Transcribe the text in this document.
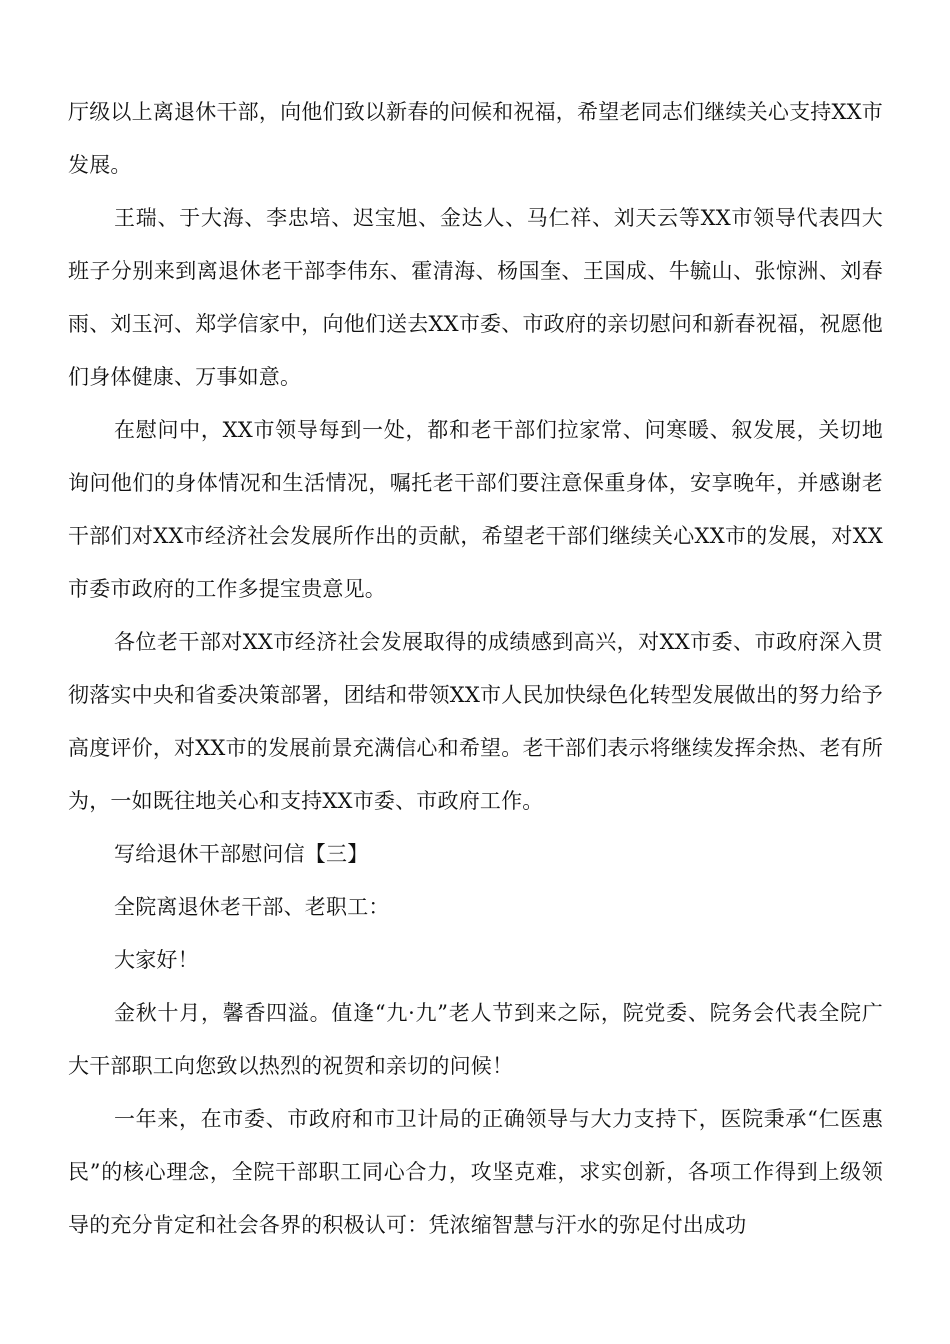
厅级以上离退休干部，向他们致以新春的问候和祝福，希望老同志们继续关心支持XX市发展。

王瑞、于大海、李忠培、迟宝旭、金达人、马仁祥、刘天云等XX市领导代表四大班子分别来到离退休老干部李伟东、霍清海、杨国奎、王国成、牛毓山、张惊洲、刘春雨、刘玉河、郑学信家中，向他们送去XX市委、市政府的亲切慰问和新春祝福，祝愿他们身体健康、万事如意。

在慰问中，XX市领导每到一处，都和老干部们拉家常、问寒暖、叙发展，关切地询问他们的身体情况和生活情况，嘱托老干部们要注意保重身体，安享晚年，并感谢老干部们对XX市经济社会发展所作出的贡献，希望老干部们继续关心XX市的发展，对XX市委市政府的工作多提宝贵意见。

各位老干部对XX市经济社会发展取得的成绩感到高兴，对XX市委、市政府深入贯彻落实中央和省委决策部署，团结和带领XX市人民加快绿色化转型发展做出的努力给予高度评价，对XX市的发展前景充满信心和希望。老干部们表示将继续发挥余热、老有所为，一如既往地关心和支持XX市委、市政府工作。

写给退休干部慰问信【三】

全院离退休老干部、老职工：

大家好！

金秋十月，馨香四溢。值逢“九·九”老人节到来之际，院党委、院务会代表全院广大干部职工向您致以热烈的祝贺和亲切的问候！

一年来，在市委、市政府和市卫计局的正确领导与大力支持下，医院秉承“仁医惠民”的核心理念，全院干部职工同心合力，攻坚克难，求实创新，各项工作得到上级领导的充分肯定和社会各界的积极认可：凭浓缩智慧与汗水的弥足付出成功
